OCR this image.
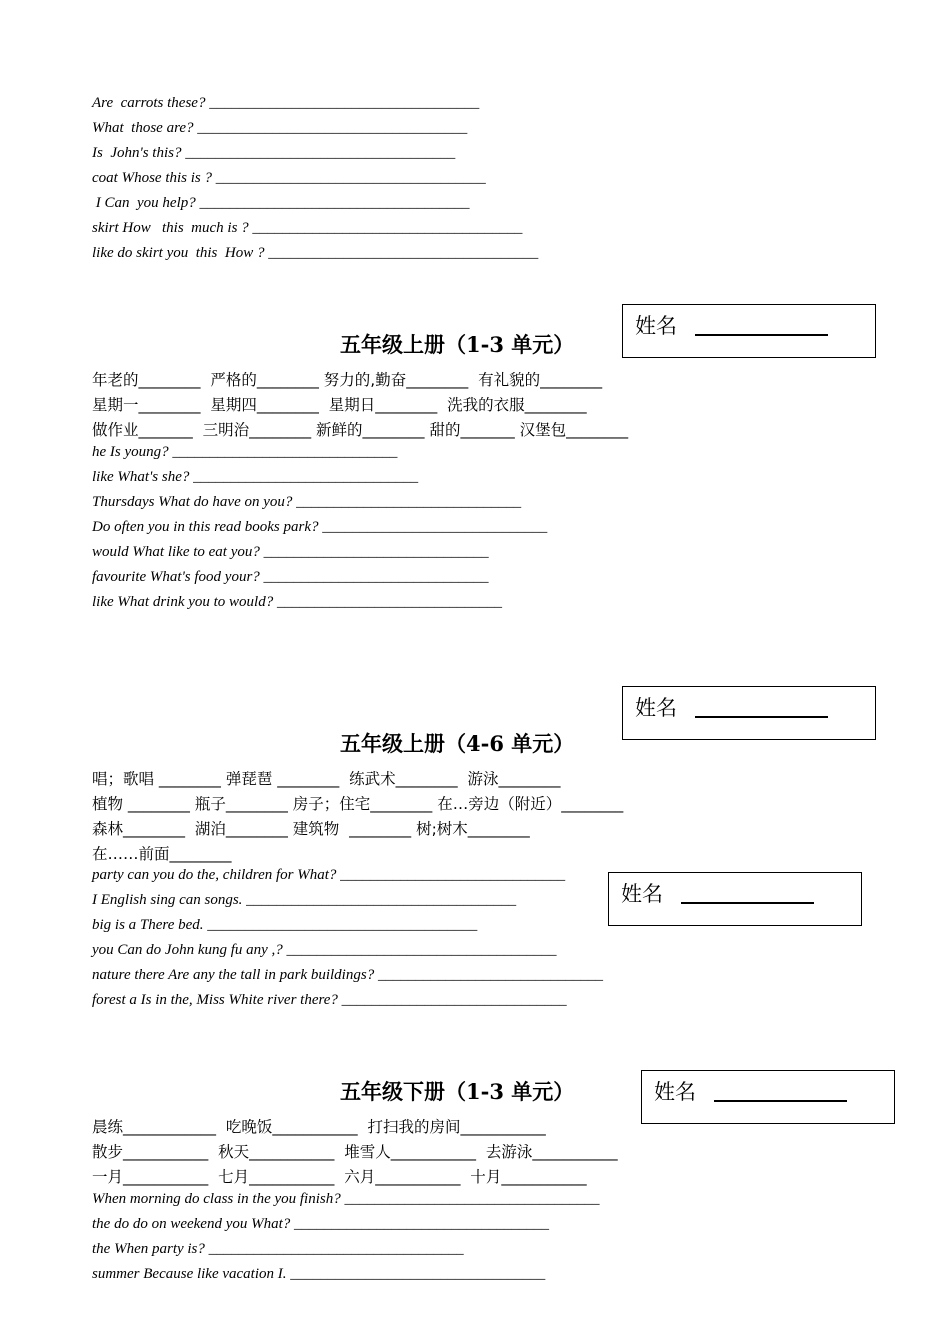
Are  carrots these? ____________________________________
What  those are? ____________________________________
Is  John's this? ____________________________________
coat Whose this is ? ____________________________________
I Can  you help? ____________________________________
skirt How   this  much is ? ____________________________________
like do skirt you  this  How ? ____________________________________
姓名
五年级上册（1-3 单元）
年老的________  严格的________ 努力的,勤奋________  有礼貌的________
星期一________  星期四________  星期日________  洗我的衣服________
做作业_______  三明治________ 新鲜的________ 甜的_______ 汉堡包________
he Is young? ______________________________
like What's she? ______________________________
Thursdays What do have on you? ______________________________
Do often you in this read books park? ______________________________
would What like to eat you? ______________________________
favourite What's food your? ______________________________
like What drink you to would? ______________________________
姓名
五年级上册（4-6 单元）
唱；歌唱 ________ 弹琵琶 ________  练武术________  游泳________
植物 ________ 瓶子________ 房子；住宅________ 在…旁边（附近）________
森林________  湖泊________ 建筑物  ________ 树;树木________
在……前面________
party can you do the, children for What? ______________________________
I English sing can songs. ____________________________________
big is a There bed. ____________________________________
you Can do John kung fu any ,? ____________________________________
nature there Are any the tall in park buildings? ______________________________
forest a Is in the, Miss White river there? ______________________________
姓名
姓名
五年级下册（1-3 单元）
晨练____________  吃晚饭___________  打扫我的房间___________
散步___________  秋天___________  堆雪人___________  去游泳___________
一月___________  七月___________  六月___________  十月___________
When morning do class in the you finish? __________________________________
the do do on weekend you What? __________________________________
the When party is? __________________________________
summer Because like vacation I. __________________________________
